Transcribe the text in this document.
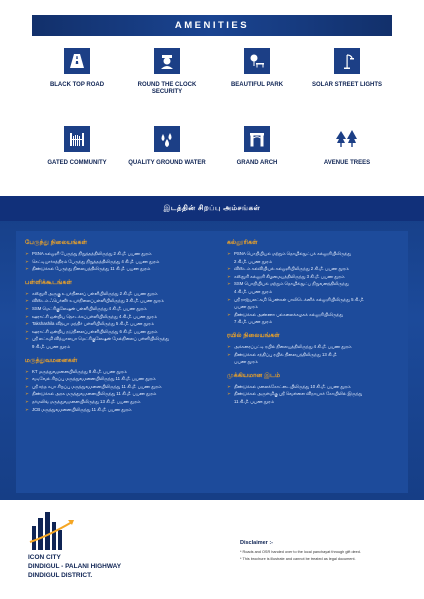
AMENITIES
BLACK TOP ROAD	ROUND THE CLOCK SECURITY
BEAUTIFUL PARK	SOLAR STREET LIGHTS
GATED COMMUNITY	QUALITY GROUND WATER	GRAND ARCH	AVENUE TREES
இடத்தின் சிறப்பு அம்சங்கள்
பேருந்து நிலையங்கள்
➢ PSNA கல்லூரி பேருந்து நிறுத்தத்திலிருந்து 2 கி.மீ. பயண தூரம்
➢ செட்டியார்சத்திரம் பேருந்து நிறுத்தத்திலிருந்து 4 கி.மீ. பயண தூரம்
➢ திண்டுக்கல் பேருந்து நிலையத்திலிருந்து 11 கி.மீ. பயண தூரம்
பள்ளிக்கூடங்கள்
➢ கஸ்தூரி அருகு உயர்நிலைப் பள்ளியிலிருந்து 2 கி.மீ. பயண தூரம்
➢ விஸ்டம் ஃபெர்னீர் உயர்நிலைப்பள்ளியிலிருந்து 3 கி.மீ. பயண தூரம்
➢ SSM மெட்ரிகுலேஷன் பள்ளியிலிருந்து 4 கி.மீ. பயண தூரம்
➢ ஊராட்சி ஒன்றிய தொடக்கப்பள்ளியிலிருந்து 4 கி.மீ. பயண தூரம்
➢ Takshashila வித்யா மந்திர் பள்ளியிலிருந்து 5 கி.மீ. பயண தூரம்
➢ ஊராட்சி ஒன்றிய நடுநிலைப்பள்ளியிலிருந்து 6 கி.மீ. பயண தூரம்
➢ ஸ்ரீ லட்சுமி வித்யாலயா மெட்ரிகுலேஷன் மேல்நிலைப் பள்ளியிலிருந்து
9 கி.மீ. பயண தூரம்
மருத்துவமனைகள்
➢ KT மருத்துவமனையிலிருந்து 8 கி.மீ. பயண தூரம்
➢ வடிவேல் சிறப்பு மருத்துவமனையிலிருந்து 11 கி.மீ. பயண தூரம்
➢ ஸ்ரீ சந்த சுபா சிறப்பு மருத்துவமனையிலிருந்து 11 கி.மீ. பயண தூரம்
➢ திண்டுக்கல் அரசு மருத்துவமனையிலிருந்து 11 கி.மீ. பயண தூரம்
➢ தர்மலிங் மருத்துவமனையிலிருந்து 13 கி.மீ. பயண தூரம்
➢ JCB மருத்துவமனையிலிருந்து 11 கி.மீ. பயண தூரம்
கல்லூரிகள்
➢ PSNA பொறியியல் மற்றும் தொழில்நுட்பக் கல்லூரியிலிருந்து
2 கி.மீ. பயண தூரம்
➢ விஸ்டம் கல்வியியல் கல்லூரியிலிருந்து 2 கி.மீ. பயண தூரம்
➢ கஸ்தூரி கல்லூரி கிழமையத்திலிருந்து 3 கி.மீ. பயண தூரம்
➢ SSM பொறியியல் மற்றும் தொழில்நுட்ப நிறுவனத்திலிருந்து
4 கி.மீ. பயண தூரம்
➢ ஸ்ரீ ராஜ்யலட்சுமி பெண்கள் பாலிடெக்னிக் கல்லூரியிலிருந்து 5 கி.மீ.
பயண தூரம்
➢ திண்டுக்கல் அண்ணா பல்கலைக்கழகக் கல்லூரியிலிருந்து
7 கி.மீ. பயண தூரம்
ரயில் நிலையங்கள்
➢ அக்கரைப்பட்டி ரயில் நிலையத்திலிருந்து 4 கி.மீ. பயண தூரம்
➢ திண்டுக்கல் சந்திப்பு ரயில் நிலையத்திலிருந்து 13 கி.மீ.
பயண தூரம்
முக்கியமான இடம்
➢ திண்டுக்கல் மலைக்கோட்டையிலிருந்து 10 கி.மீ. பயண தூரம்
➢ திண்டுக்கல் அருள்மிகு ஸ்ரீ வெள்ளை விநாயகர் கோயிலில் இருந்து
11 கி.மீ. பயண தூரம்
ICON CITY
DINDIGUL - PALANI HIGHWAY
DINDIGUL DISTRICT.
Disclaimer :-
* Roads and OSR handed over to the local panchayat through gift deed.
* This brochure is illustrate and cannot be treated as legal document.
